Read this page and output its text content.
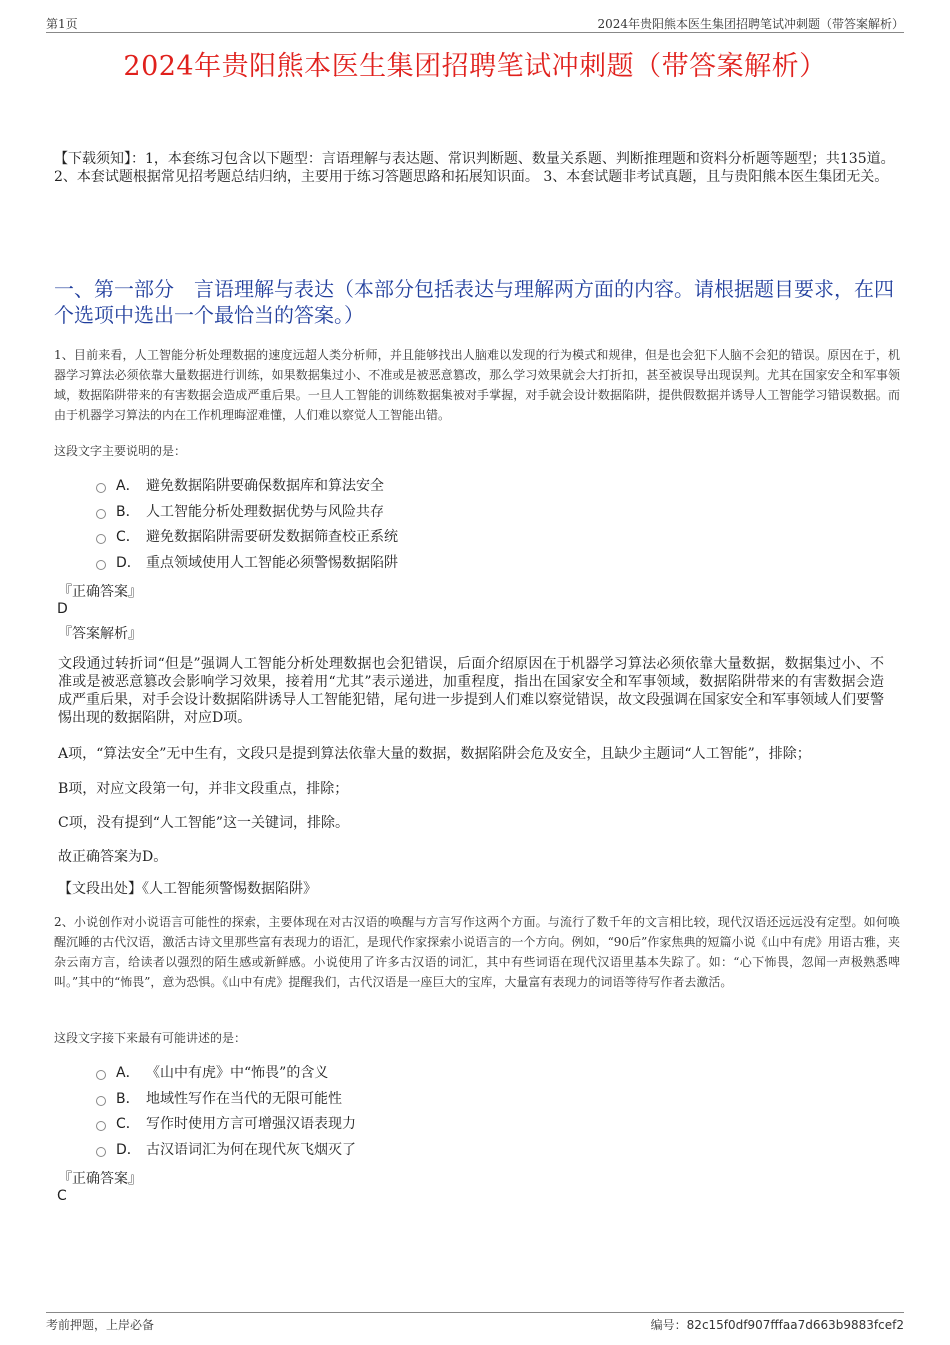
第1页	2024年贵阳熊本医生集团招聘笔试冲刺题（带答案解析）
2024年贵阳熊本医生集团招聘笔试冲刺题（带答案解析）
【下载须知】：1，本套练习包含以下题型：言语理解与表达题、常识判断题、数量关系题、判断推理题和资料分析题等题型；共135道。 2、本套试题根据常见招考题总结归纳，主要用于练习答题思路和拓展知识面。 3、本套试题非考试真题，且与贵阳熊本医生集团无关。
一、第一部分　言语理解与表达（本部分包括表达与理解两方面的内容。请根据题目要求，在四个选项中选出一个最恰当的答案。）
1、目前来看，人工智能分析处理数据的速度远超人类分析师，并且能够找出人脑难以发现的行为模式和规律，但是也会犯下人脑不会犯的错误。原因在于，机器学习算法必须依靠大量数据进行训练，如果数据集过小、不准或是被恶意篡改，那么学习效果就会大打折扣，甚至被误导出现误判。尤其在国家安全和军事领域，数据陷阱带来的有害数据会造成严重后果。一旦人工智能的训练数据集被对手掌握，对手就会设计数据陷阱，提供假数据并诱导人工智能学习错误数据。而由于机器学习算法的内在工作机理晦涩难懂，人们难以察觉人工智能出错。
这段文字主要说明的是：
A． 避免数据陷阱要确保数据库和算法安全
B． 人工智能分析处理数据优势与风险共存
C． 避免数据陷阱需要研发数据筛查校正系统
D． 重点领域使用人工智能必须警惕数据陷阱
『正确答案』
D
『答案解析』
文段通过转折词“但是”强调人工智能分析处理数据也会犯错误，后面介绍原因在于机器学习算法必须依靠大量数据，数据集过小、不准或是被恶意篡改会影响学习效果，接着用“尤其”表示递进，加重程度，指出在国家安全和军事领域，数据陷阱带来的有害数据会造成严重后果，对手会设计数据陷阱诱导人工智能犯错，尾句进一步提到人们难以察觉错误，故文段强调在国家安全和军事领域人们要警惕出现的数据陷阱，对应D项。
A项，“算法安全”无中生有，文段只是提到算法依靠大量的数据，数据陷阱会危及安全，且缺少主题词“人工智能”，排除；
B项，对应文段第一句，并非文段重点，排除；
C项，没有提到“人工智能”这一关键词，排除。
故正确答案为D。
【文段出处】《人工智能须警惕数据陷阱》
2、小说创作对小说语言可能性的探索，主要体现在对古汉语的唤醒与方言写作这两个方面。与流行了数千年的文言相比较，现代汉语还远远没有定型。如何唤醒沉睡的古代汉语，激活古诗文里那些富有表现力的语汇，是现代作家探索小说语言的一个方向。例如，“90后”作家焦典的短篇小说《山中有虎》用语古雅，夹杂云南方言，给读者以强烈的陌生感或新鲜感。小说使用了许多古汉语的词汇，其中有些词语在现代汉语里基本失踪了。如：“心下怖畏，忽闻一声极熟悉啤叫。”其中的“怖畏”，意为恐惧。《山中有虎》提醒我们，古代汉语是一座巨大的宝库，大量富有表现力的词语等待写作者去激活。
这段文字接下来最有可能讲述的是：
A． 《山中有虎》中“怖畏”的含义
B． 地域性写作在当代的无限可能性
C． 写作时使用方言可增强汉语表现力
D． 古汉语词汇为何在现代灰飞烟灭了
『正确答案』
C
考前押题，上岸必备	编号：82c15f0df907fffaa7d663b9883fcef2
